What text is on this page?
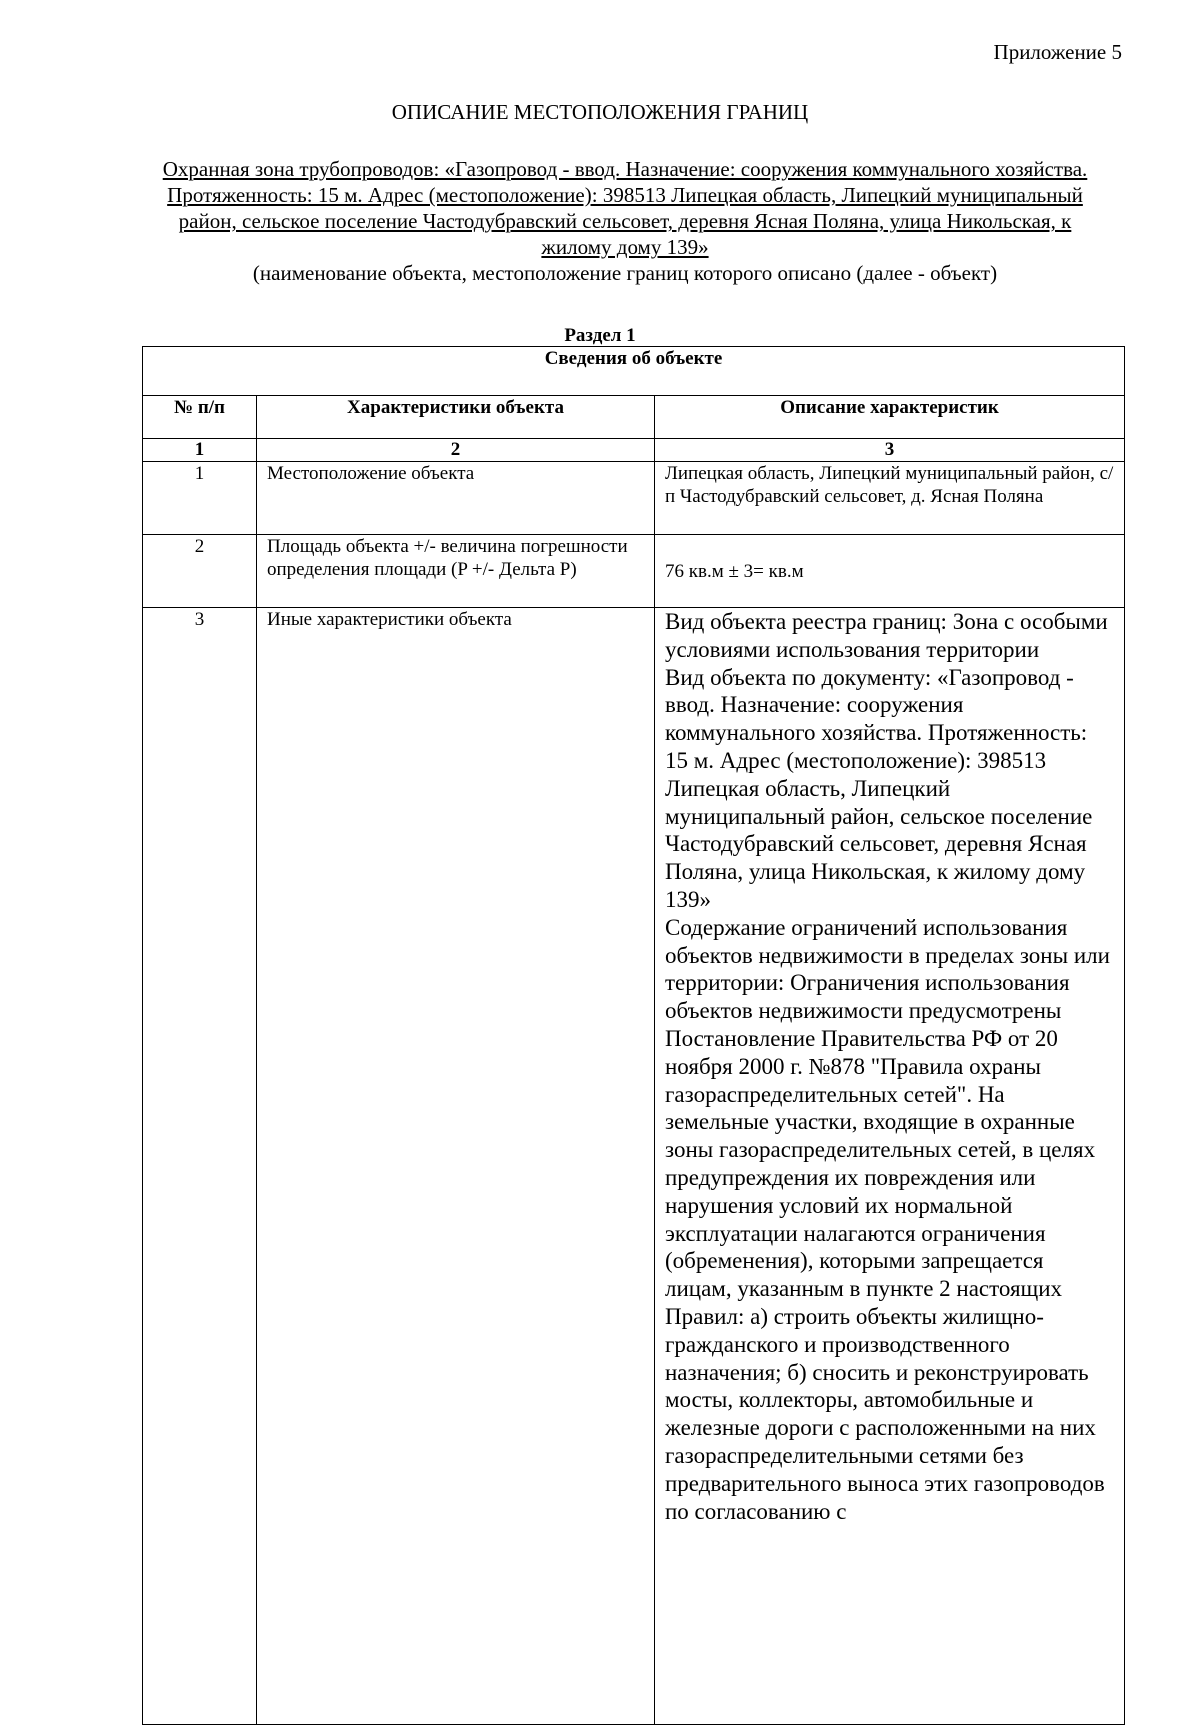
Приложение 5
ОПИСАНИЕ МЕСТОПОЛОЖЕНИЯ ГРАНИЦ

Охранная зона трубопроводов: «Газопровод - ввод. Назначение: сооружения коммунального хозяйства. Протяженность: 15 м. Адрес (местоположение): 398513 Липецкая область, Липецкий муниципальный район, сельское поселение Частодубравский сельсовет, деревня Ясная Поляна, улица Никольская, к жилому дому 139»

(наименование объекта, местоположение границ которого описано (далее - объект)

Раздел 1
Сведения об объекте		
№ п/п	Характеристики объекта	Описание характеристик
1	2	3
1	Местоположение объекта	Липецкая область, Липецкий муниципальный район, с/п Частодубравский сельсовет, д. Ясная Поляна
2	Площадь объекта +/- величина погрешности определения площади (P +/- Дельта P)	76 кв.м ± 3= кв.м
3	Иные характеристики объекта	Вид объекта реестра границ: Зона с особыми условиями использования территории
Вид объекта по документу: «Газопровод - ввод. Назначение: сооружения коммунального хозяйства. Протяженность: 15 м. Адрес (местоположение): 398513 Липецкая область, Липецкий муниципальный район, сельское поселение Частодубравский сельсовет, деревня Ясная Поляна, улица Никольская, к жилому дому 139»
Содержание ограничений использования объектов недвижимости в пределах зоны или территории: Ограничения использования объектов недвижимости предусмотрены Постановление Правительства РФ от 20 ноября 2000 г. №878 "Правила охраны газораспределительных сетей". На земельные участки, входящие в охранные зоны газораспределительных сетей, в целях предупреждения их повреждения или нарушения условий их нормальной эксплуатации налагаются ограничения (обременения), которыми запрещается лицам, указанным в пункте 2 настоящих Правил: а) строить объекты жилищно-гражданского и производственного назначения; б) сносить и реконструировать мосты, коллекторы, автомобильные и железные дороги с расположенными на них газораспределительными сетями без предварительного выноса этих газопроводов по согласованию с
